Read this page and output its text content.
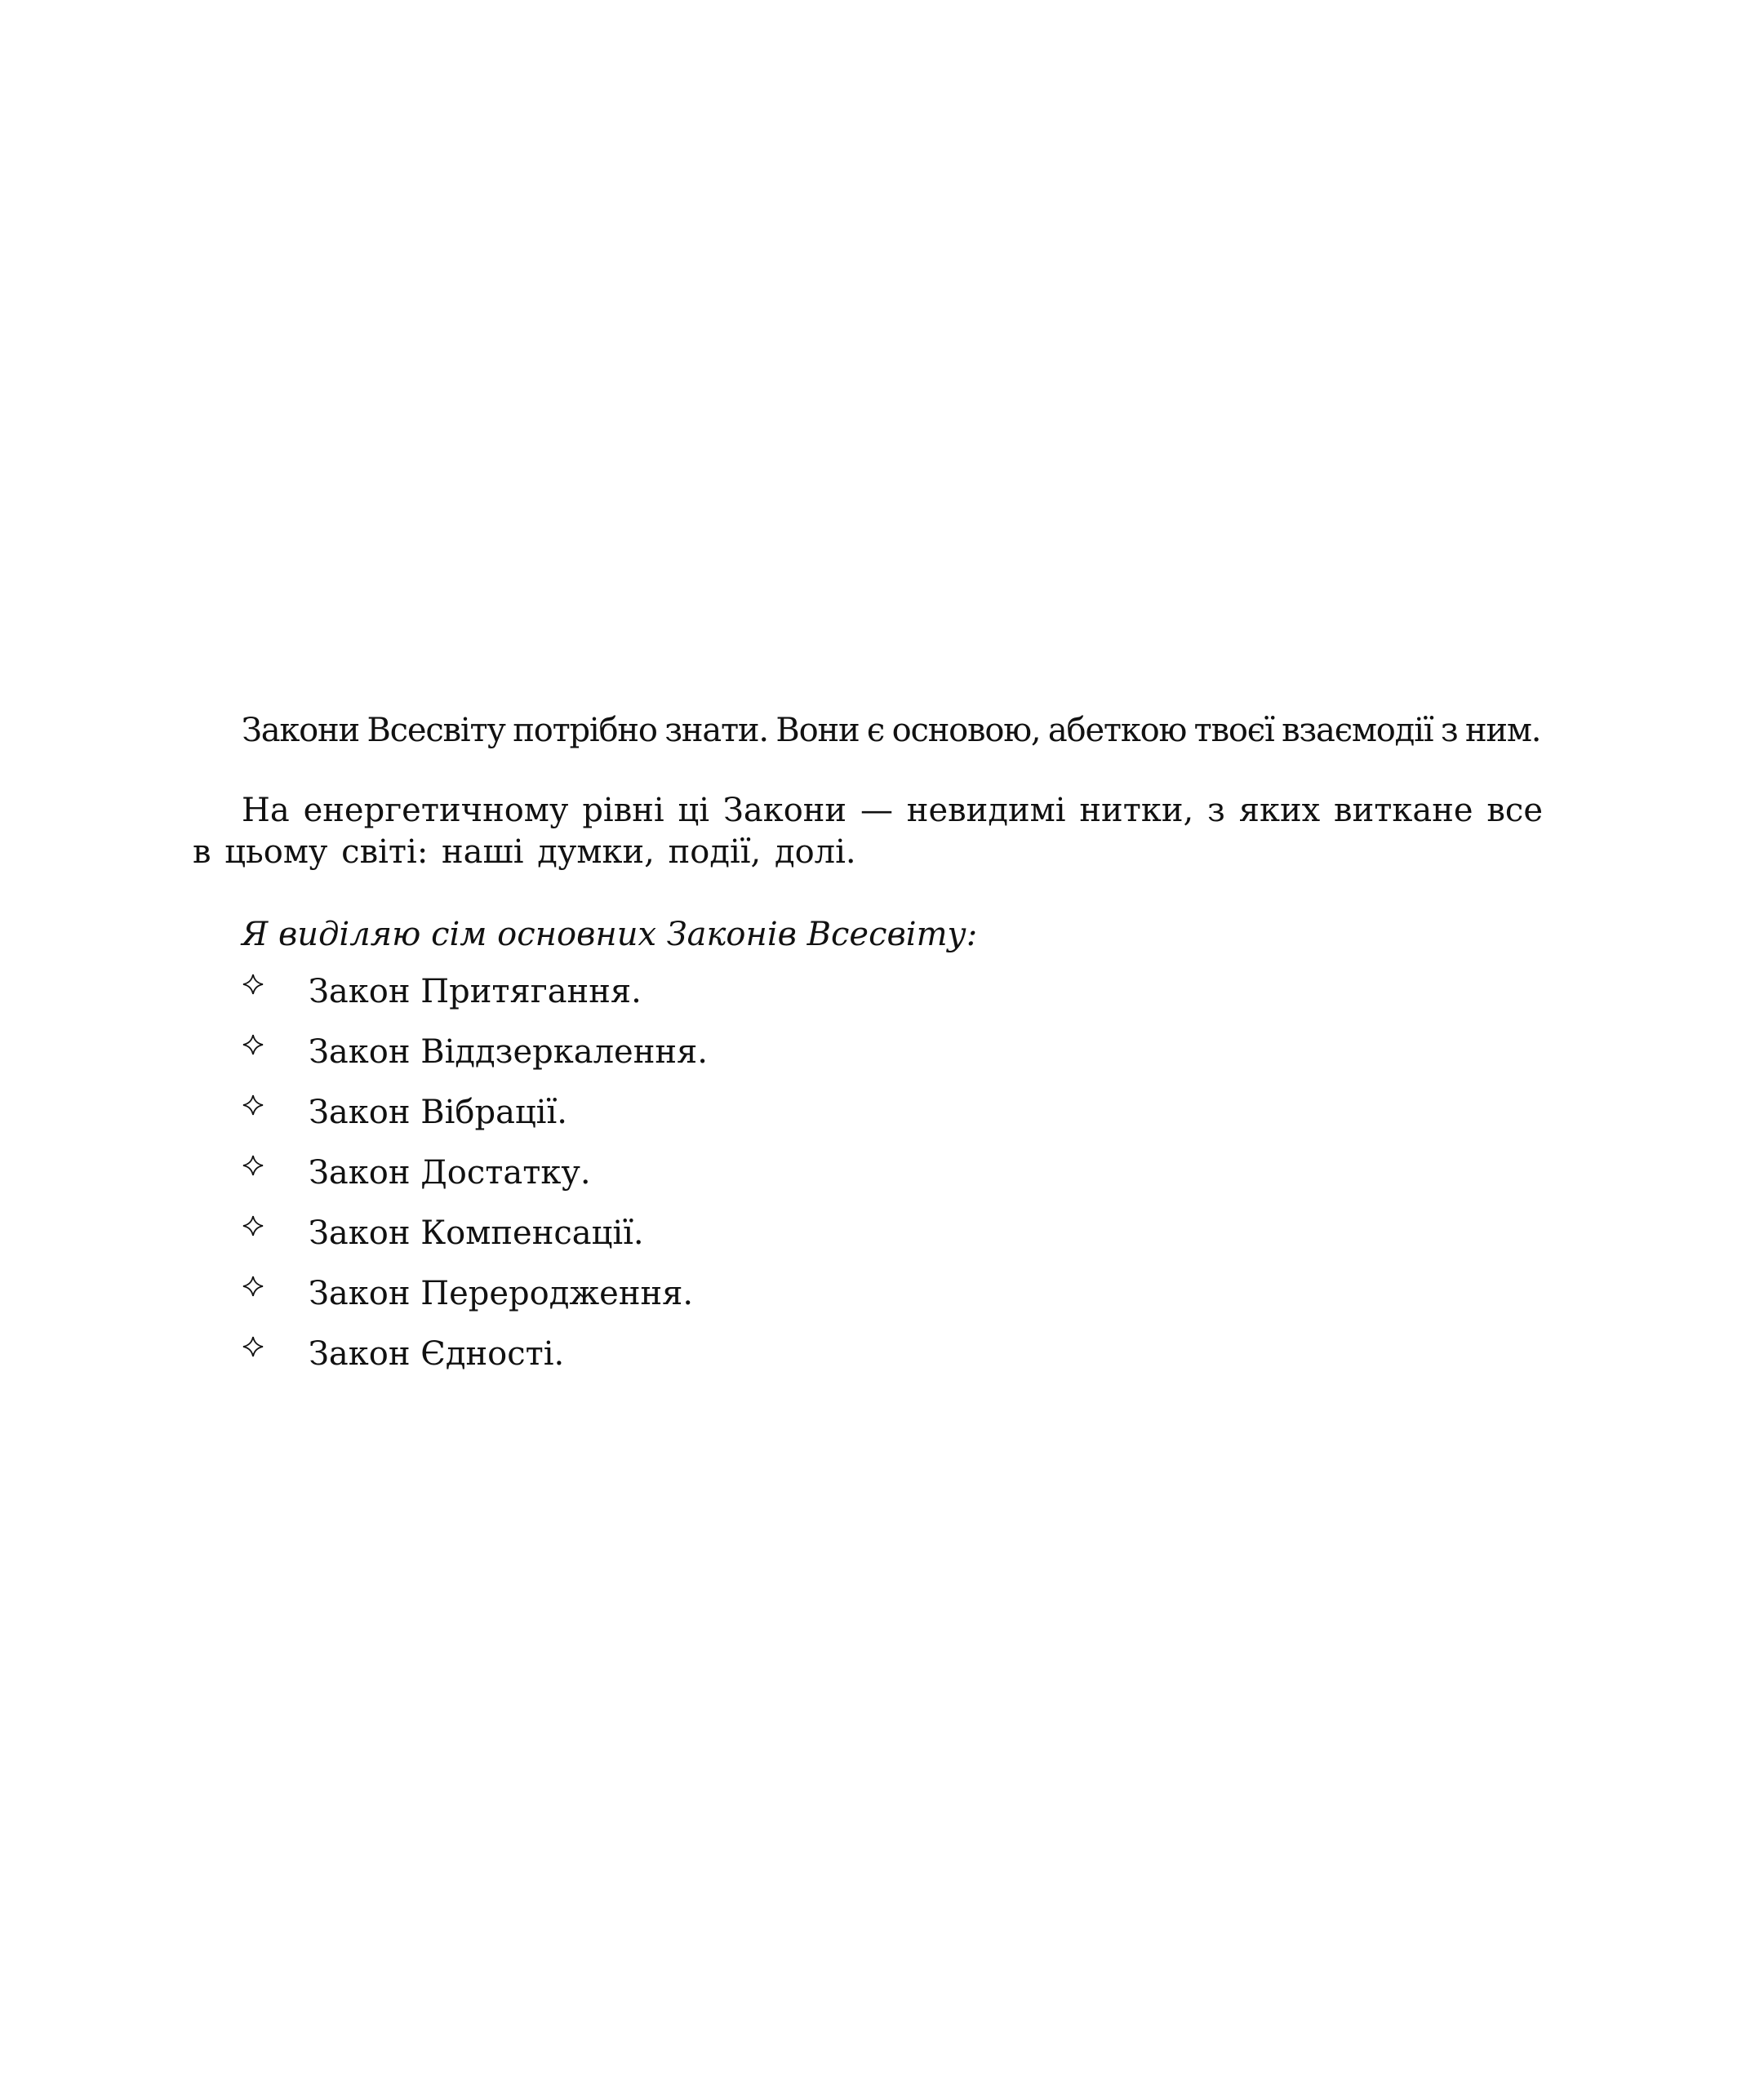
Закони Всесвіту потрібно знати. Вони є основою, абеткою твоєї взаємодії з ним.

На енергетичному рівні ці Закони — невидимі нитки, з яких виткане все в цьому світі: наші думки, події, долі.

Я виділяю сім основних Законів Всесвіту:

Закон Притягання.
Закон Віддзеркалення.
Закон Вібрації.
Закон Достатку.
Закон Компенсації.
Закон Переродження.
Закон Єдності.
